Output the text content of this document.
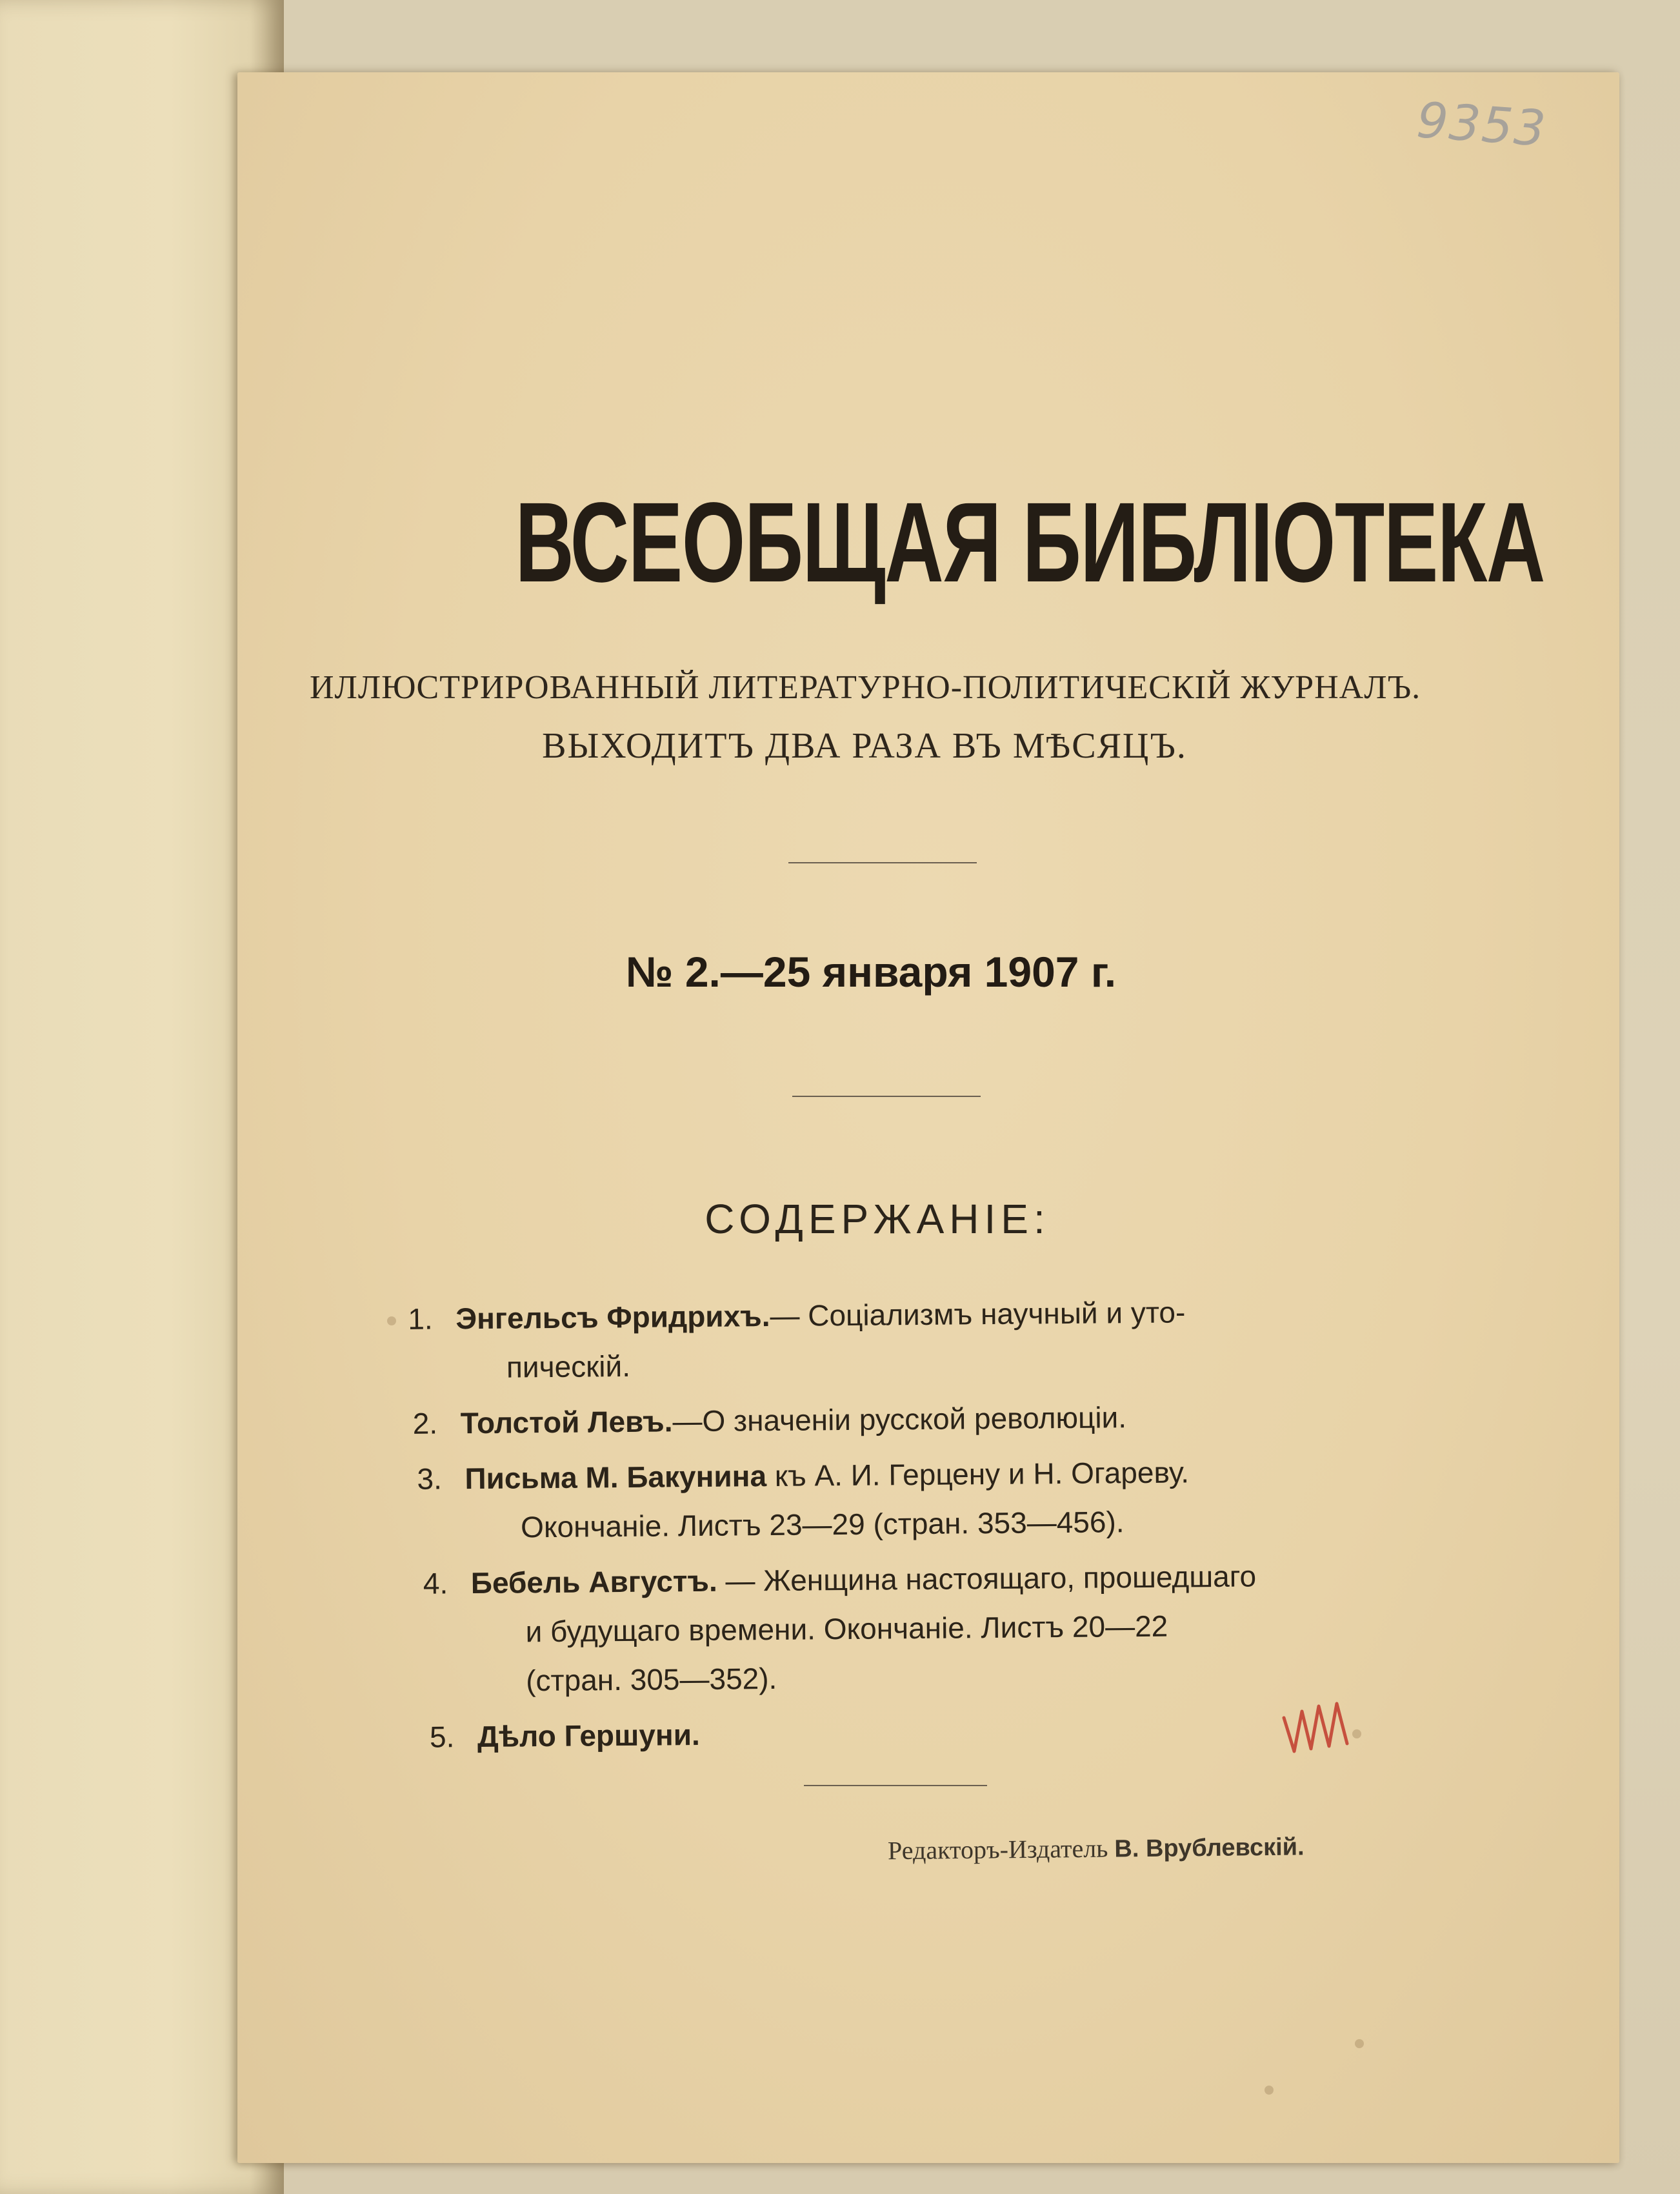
9353
ВСЕОБЩАЯ БИБЛІОТЕКА
ИЛЛЮСТРИРОВАННЫЙ ЛИТЕРАТУРНО-ПОЛИТИЧЕСКІЙ ЖУРНАЛЪ.
ВЫХОДИТЪ ДВА РАЗА ВЪ МѢСЯЦЪ.
№ 2.—25 января 1907 г.
СОДЕРЖАНІЕ:
1. Энгельсъ Фридрихъ.— Соціализмъ научный и уто-
пическій.
2. Толстой Левъ.—О значеніи русской революціи.
3. Письма М. Бакунина къ А. И. Герцену и Н. Огареву.
Окончаніе. Листъ 23—29 (стран. 353—456).
4. Бебель Августъ. — Женщина настоящаго, прошедшаго
и будущаго времени. Окончаніе. Листъ 20—22
(стран. 305—352).
5. Дѣло Гершуни.
Редакторъ-Издатель В. Врублевскій.
